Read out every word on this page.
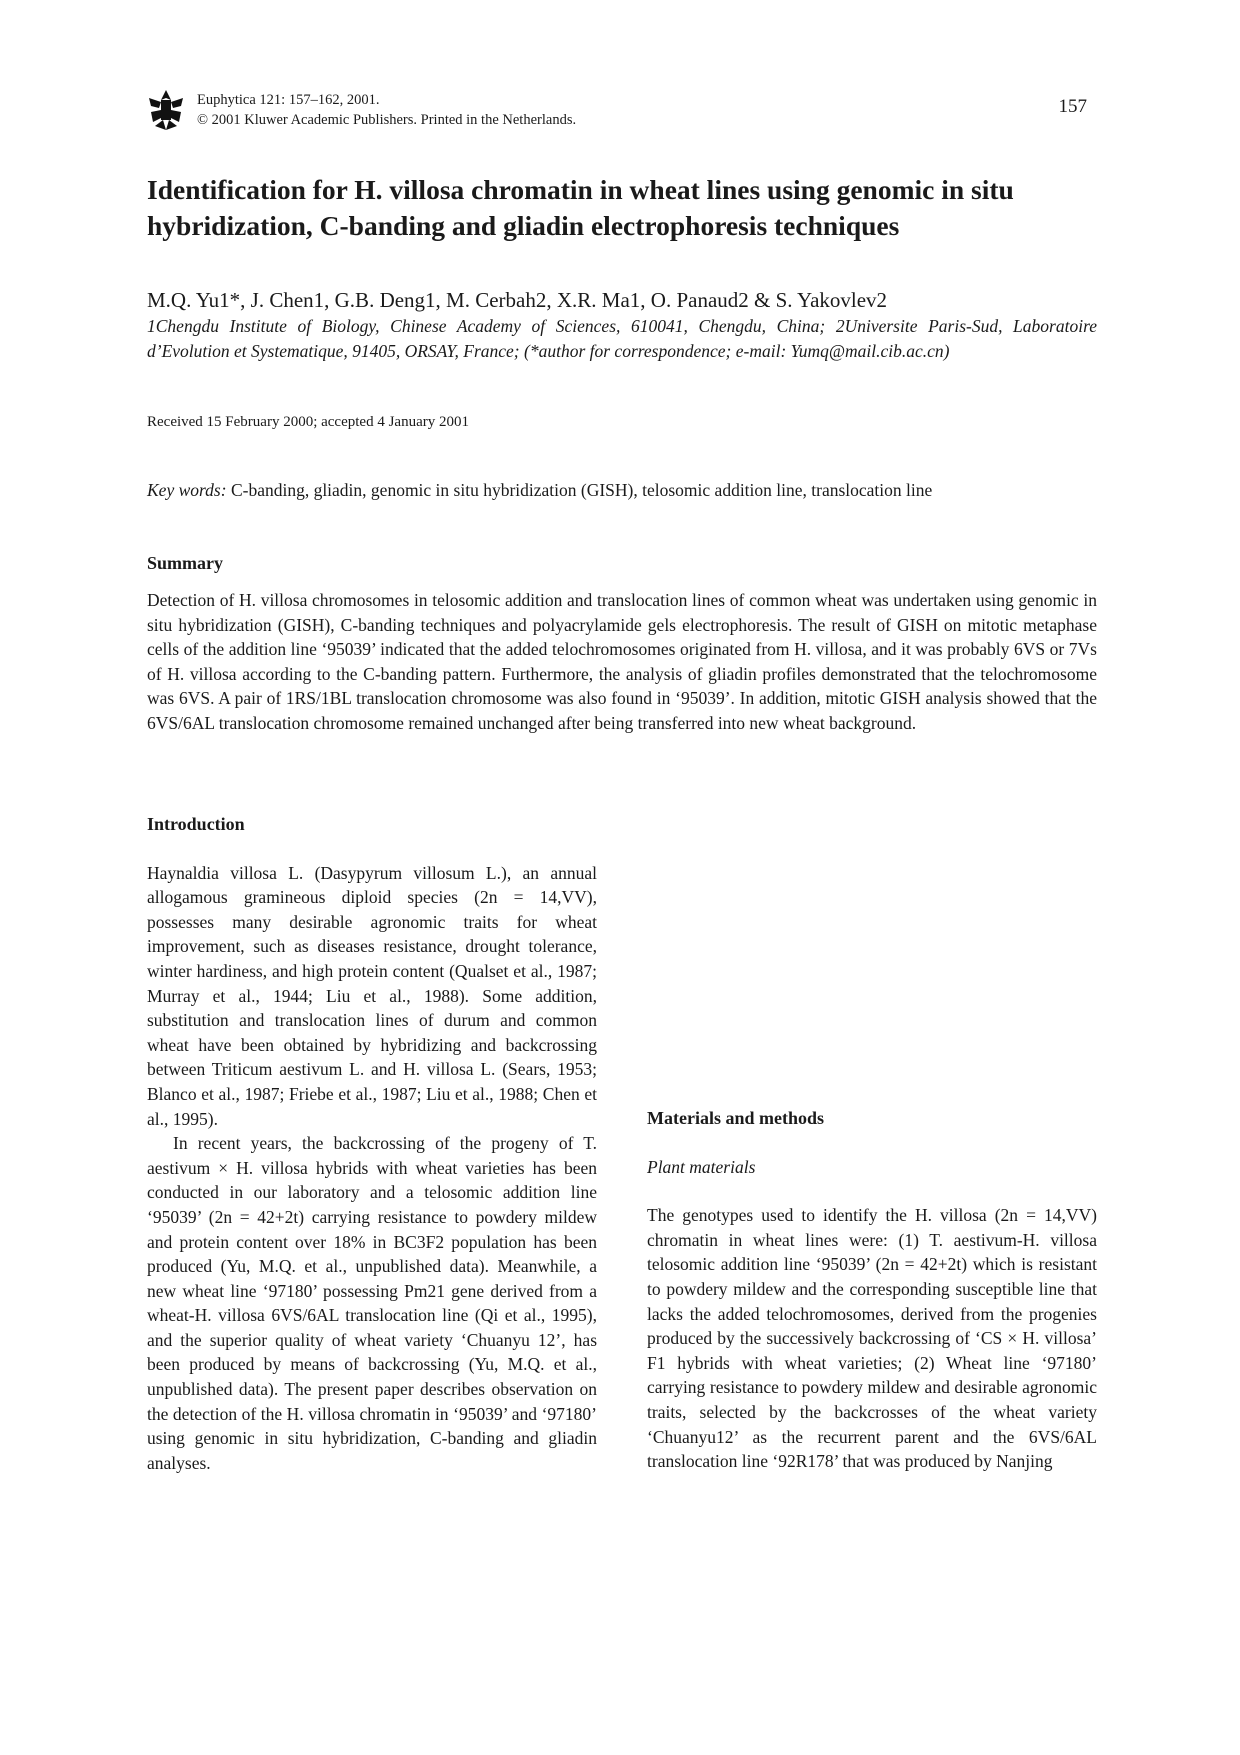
Euphytica 121: 157–162, 2001.
© 2001 Kluwer Academic Publishers. Printed in the Netherlands.
157
Identification for H. villosa chromatin in wheat lines using genomic in situ hybridization, C-banding and gliadin electrophoresis techniques
M.Q. Yu1*, J. Chen1, G.B. Deng1, M. Cerbah2, X.R. Ma1, O. Panaud2 & S. Yakovlev2
1Chengdu Institute of Biology, Chinese Academy of Sciences, 610041, Chengdu, China; 2Universite Paris-Sud, Laboratoire d’Evolution et Systematique, 91405, ORSAY, France; (*author for correspondence; e-mail: Yumq@mail.cib.ac.cn)
Received 15 February 2000; accepted 4 January 2001
Key words: C-banding, gliadin, genomic in situ hybridization (GISH), telosomic addition line, translocation line
Summary

Detection of H. villosa chromosomes in telosomic addition and translocation lines of common wheat was undertaken using genomic in situ hybridization (GISH), C-banding techniques and polyacrylamide gels electrophoresis. The result of GISH on mitotic metaphase cells of the addition line ‘95039’ indicated that the added telochromosomes originated from H. villosa, and it was probably 6VS or 7Vs of H. villosa according to the C-banding pattern. Furthermore, the analysis of gliadin profiles demonstrated that the telochromosome was 6VS. A pair of 1RS/1BL translocation chromosome was also found in ‘95039’. In addition, mitotic GISH analysis showed that the 6VS/6AL translocation chromosome remained unchanged after being transferred into new wheat background.

Introduction

Haynaldia villosa L. (Dasypyrum villosum L.), an annual allogamous gramineous diploid species (2n = 14,VV), possesses many desirable agronomic traits for wheat improvement, such as diseases resistance, drought tolerance, winter hardiness, and high protein content (Qualset et al., 1987; Murray et al., 1944; Liu et al., 1988). Some addition, substitution and translocation lines of durum and common wheat have been obtained by hybridizing and backcrossing between Triticum aestivum L. and H. villosa L. (Sears, 1953; Blanco et al., 1987; Friebe et al., 1987; Liu et al., 1988; Chen et al., 1995).

In recent years, the backcrossing of the progeny of T. aestivum × H. villosa hybrids with wheat varieties has been conducted in our laboratory and a telosomic addition line ‘95039’ (2n = 42+2t) carrying resistance to powdery mildew and protein content over 18% in BC3F2 population has been produced (Yu, M.Q. et al., unpublished data). Meanwhile, a new wheat line ‘97180’ possessing Pm21 gene derived from a wheat-H. villosa 6VS/6AL translocation line (Qi et al., 1995), and the superior quality of wheat variety ‘Chuanyu 12’, has been produced by means of backcrossing (Yu, M.Q. et al., unpublished data). The present paper describes observation on the detection of the H. villosa chromatin in ‘95039’ and ‘97180’ using genomic in situ hybridization, C-banding and gliadin analyses.

Materials and methods
Plant materials

The genotypes used to identify the H. villosa (2n = 14,VV) chromatin in wheat lines were: (1) T. aestivum-H. villosa telosomic addition line ‘95039’ (2n = 42+2t) which is resistant to powdery mildew and the corresponding susceptible line that lacks the added telochromosomes, derived from the progenies produced by the successively backcrossing of ‘CS × H. villosa’ F1 hybrids with wheat varieties; (2) Wheat line ‘97180’ carrying resistance to powdery mildew and desirable agronomic traits, selected by the backcrosses of the wheat variety ‘Chuanyu12’ as the recurrent parent and the 6VS/6AL translocation line ‘92R178’ that was produced by Nanjing
